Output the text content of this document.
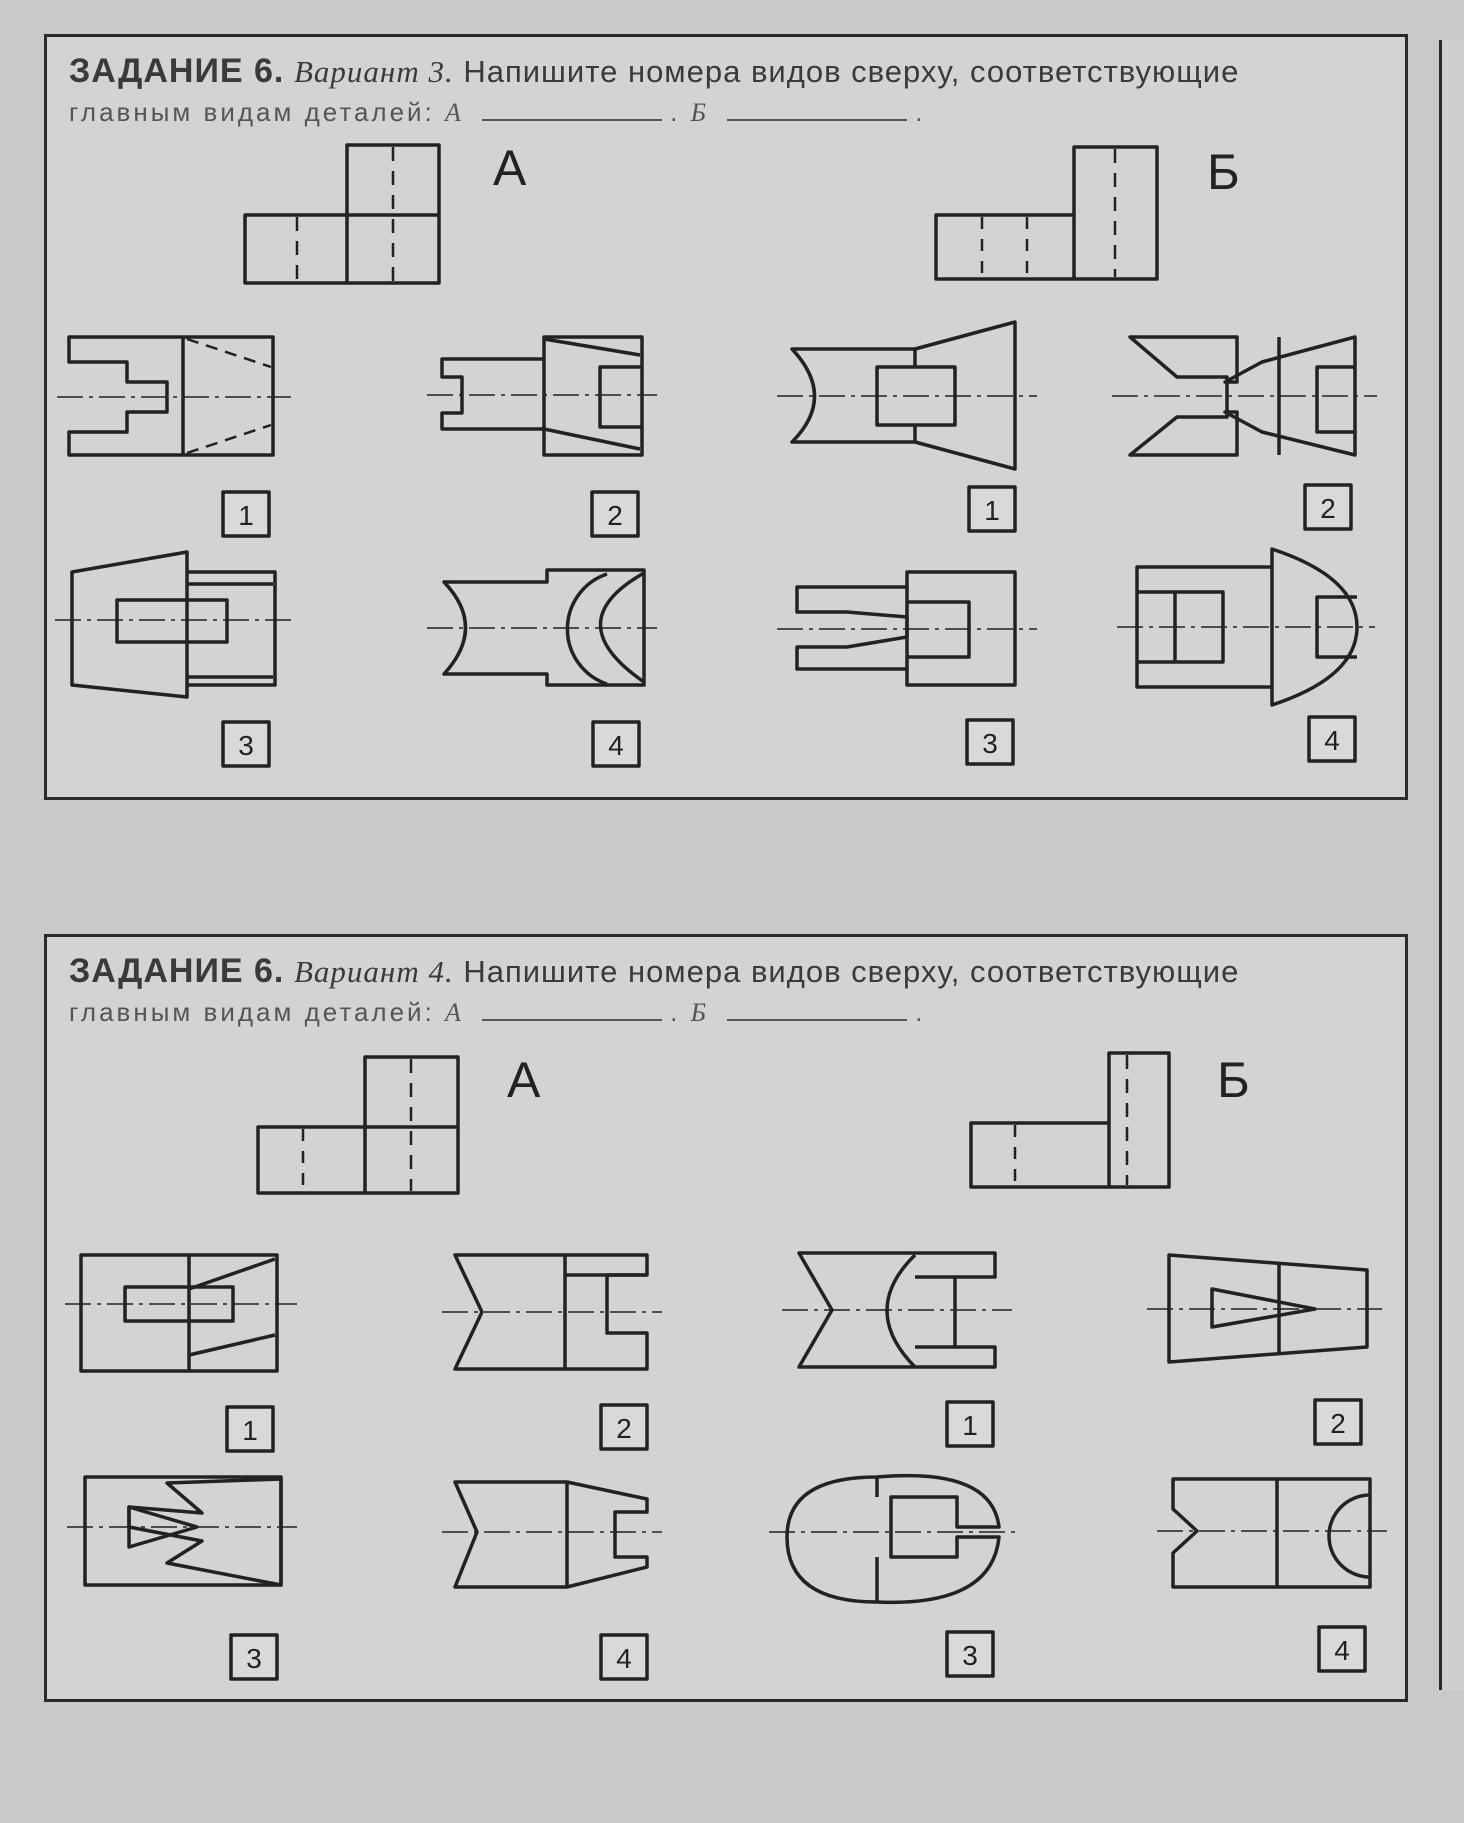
ЗАДАНИЕ 6. Вариант 3. Напишите номера видов сверху, соответствующие
главным видам деталей: А	. Б	.
А	Б
1	2	1	2
3	4	3	4
ЗАДАНИЕ 6. Вариант 4. Напишите номера видов сверху, соответствующие
главным видам деталей: А	. Б	.
А	Б
1	2	1	2
3	4	3	4
